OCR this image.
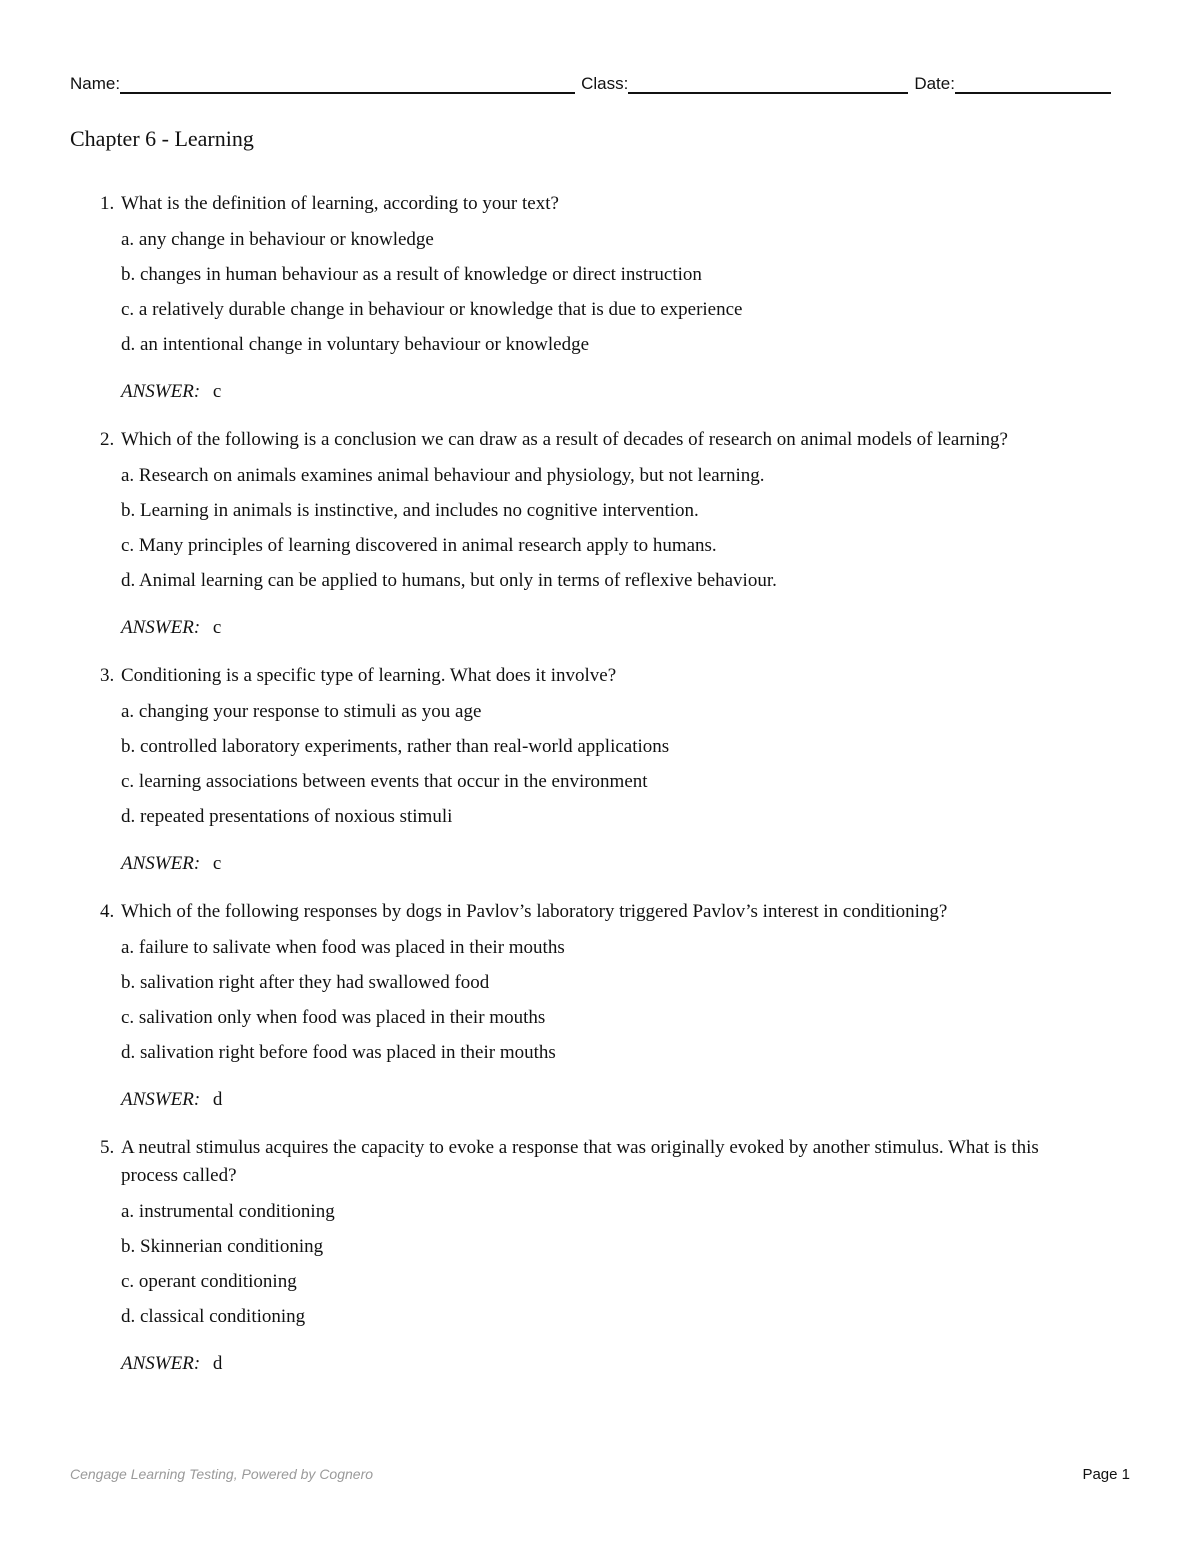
Name:	Class:	Date:
Chapter 6 - Learning
1. What is the definition of learning, according to your text?
a. any change in behaviour or knowledge
b. changes in human behaviour as a result of knowledge or direct instruction
c. a relatively durable change in behaviour or knowledge that is due to experience
d. an intentional change in voluntary behaviour or knowledge
ANSWER: c
2. Which of the following is a conclusion we can draw as a result of decades of research on animal models of learning?
a. Research on animals examines animal behaviour and physiology, but not learning.
b. Learning in animals is instinctive, and includes no cognitive intervention.
c. Many principles of learning discovered in animal research apply to humans.
d. Animal learning can be applied to humans, but only in terms of reflexive behaviour.
ANSWER: c
3. Conditioning is a specific type of learning. What does it involve?
a. changing your response to stimuli as you age
b. controlled laboratory experiments, rather than real-world applications
c. learning associations between events that occur in the environment
d. repeated presentations of noxious stimuli
ANSWER: c
4. Which of the following responses by dogs in Pavlov’s laboratory triggered Pavlov’s interest in conditioning?
a. failure to salivate when food was placed in their mouths
b. salivation right after they had swallowed food
c. salivation only when food was placed in their mouths
d. salivation right before food was placed in their mouths
ANSWER: d
5. A neutral stimulus acquires the capacity to evoke a response that was originally evoked by another stimulus. What is this process called?
a. instrumental conditioning
b. Skinnerian conditioning
c. operant conditioning
d. classical conditioning
ANSWER: d
Cengage Learning Testing, Powered by Cognero	Page 1
